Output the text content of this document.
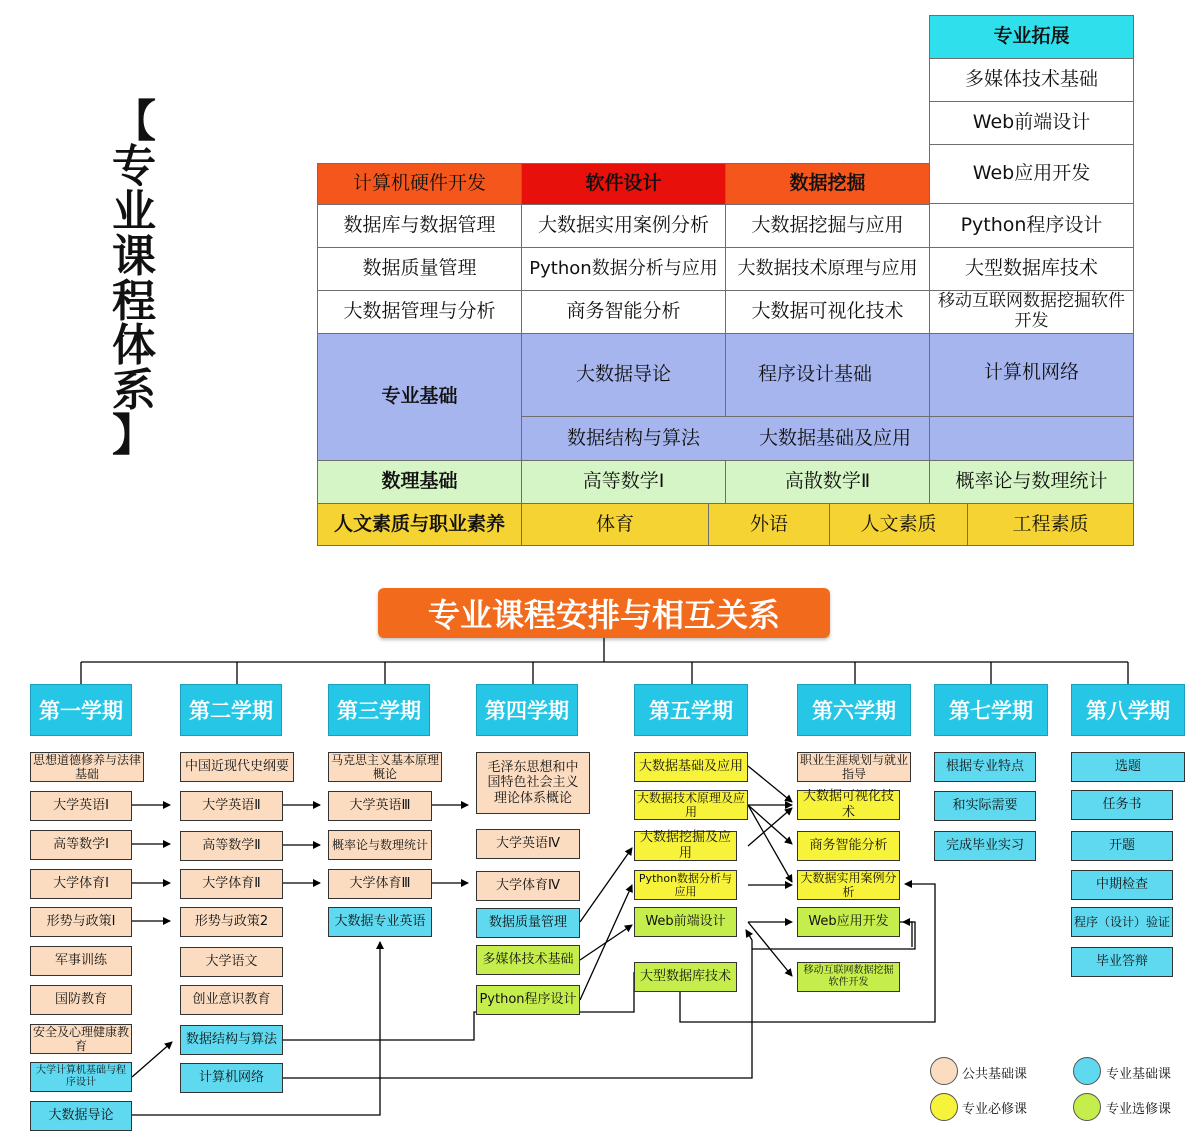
【
专
业
课
程
体
系
】
专业拓展
多媒体技术基础
Web前端设计
Web应用开发
计算机硬件开发	软件设计	数据挖掘
数据库与数据管理	大数据实用案例分析	大数据挖掘与应用	Python程序设计
数据质量管理	Python数据分析与应用	大数据技术原理与应用	大型数据库技术
大数据管理与分析	商务智能分析	大数据可视化技术	移动互联网数据挖掘软件开发
专业基础
大数据导论	程序设计基础	计算机网络
数据结构与算法	大数据基础及应用
数理基础	高等数学Ⅰ	高散数学Ⅱ	概率论与数理统计
人文素质与职业素养	体育	外语	人文素质	工程素质
专业课程安排与相互关系
第一学期	第二学期	第三学期	第四学期	第五学期	第六学期	第七学期	第八学期
思想道德修养与法律基础
大学英语Ⅰ
高等数学Ⅰ
大学体育Ⅰ
形势与政策Ⅰ
军事训练
国防教育
安全及心理健康教育
大学计算机基础与程序设计
大数据导论
中国近现代史纲要
大学英语Ⅱ
高等数学Ⅱ
大学体育Ⅱ
形势与政策2
大学语文
创业意识教育
数据结构与算法
计算机网络
马克思主义基本原理概论
大学英语Ⅲ
概率论与数理统计
大学体育Ⅲ
大数据专业英语
毛泽东思想和中国特色社会主义理论体系概论
大学英语Ⅳ
大学体育Ⅳ
数据质量管理
多媒体技术基础
Python程序设计
大数据基础及应用
大数据技术原理及应用
大数据挖掘及应用
Python数据分析与应用
Web前端设计
大型数据库技术
职业生涯规划与就业指导
大数据可视化技术
商务智能分析
大数据实用案例分析
Web应用开发
移动互联网数据挖掘软件开发
根据专业特点
和实际需要
完成毕业实习
选题
任务书
开题
中期检查
程序（设计）验证
毕业答辩
公共基础课	专业基础课
专业必修课	专业选修课
